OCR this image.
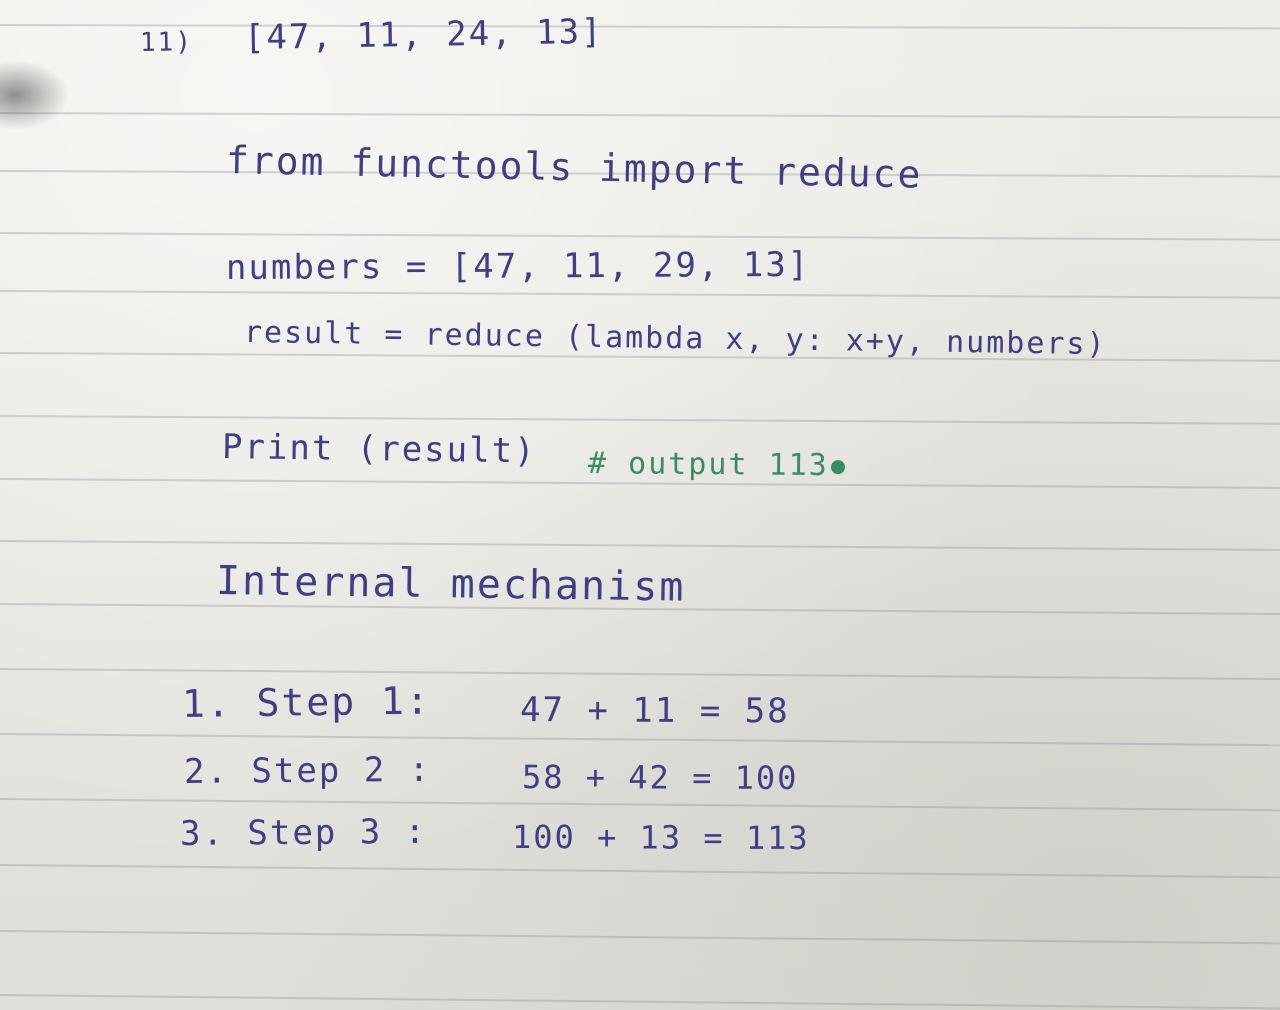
11) [47, 11, 24, 13]
from functools import reduce
numbers = [47, 11, 29, 13]
result = reduce (lambda x, y: x+y, numbers)
Print (result) # output 113
Internal mechanism
1. Step 1:	47 + 11 = 58
2. Step 2 :	58 + 42 = 100
3. Step 3 :	100 + 13 = 113
